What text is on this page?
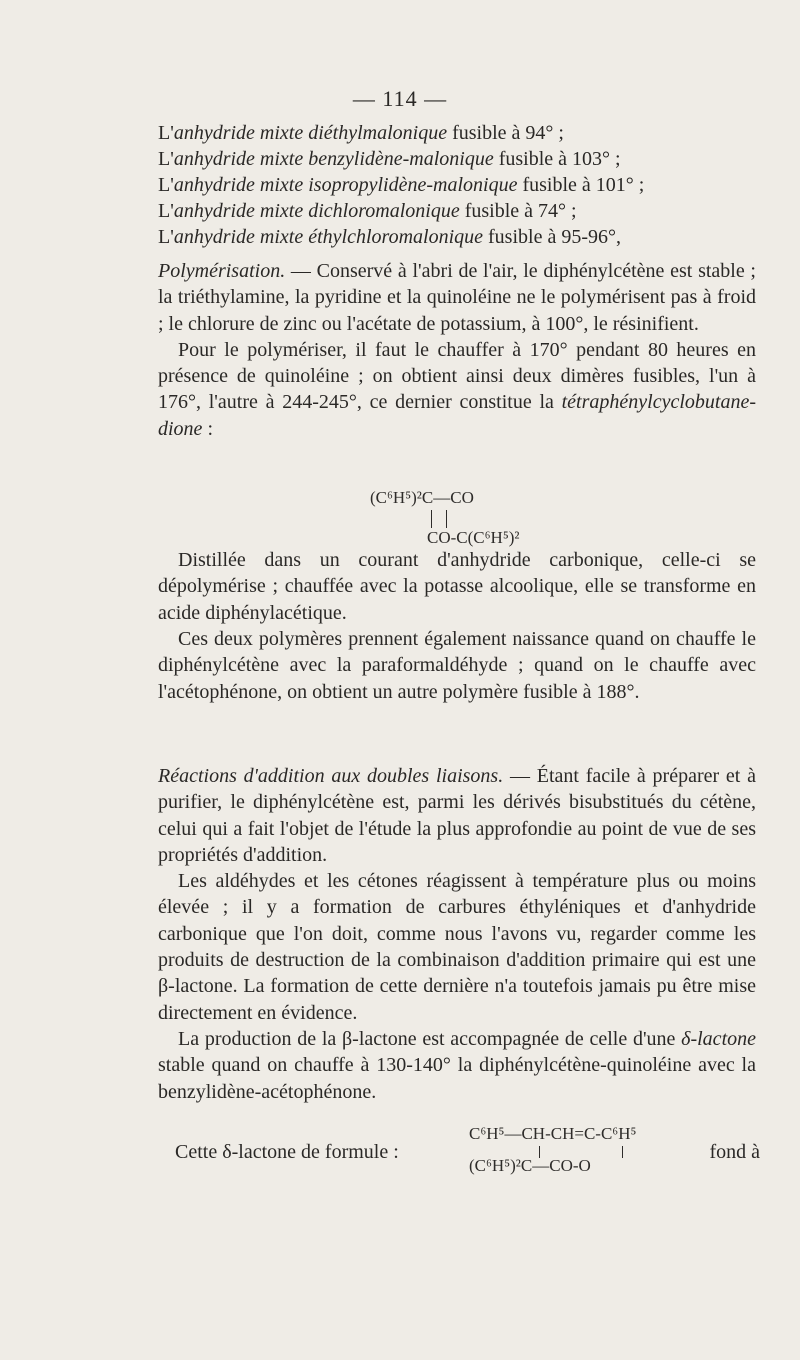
— 114 —
L'anhydride mixte diéthylmalonique fusible à 94° ;
L'anhydride mixte benzylidène-malonique fusible à 103° ;
L'anhydride mixte isopropylidène-malonique fusible à 101° ;
L'anhydride mixte dichloromalonique fusible à 74° ;
L'anhydride mixte éthylchloromalonique fusible à 95-96°,

Polymérisation. — Conservé à l'abri de l'air, le diphénylcétène est stable ; la triéthylamine, la pyridine et la quinoléine ne le polymérisent pas à froid ; le chlorure de zinc ou l'acétate de potassium, à 100°, le résinifient.

Pour le polymériser, il faut le chauffer à 170° pendant 80 heures en présence de quinoléine ; on obtient ainsi deux dimères fusibles, l'un à 176°, l'autre à 244-245°, ce dernier constitue la tétraphénylcyclobutane-dione :

Distillée dans un courant d'anhydride carbonique, celle-ci se dépolymérise ; chauffée avec la potasse alcoolique, elle se transforme en acide diphénylacétique.

Ces deux polymères prennent également naissance quand on chauffe le diphénylcétène avec la paraformaldéhyde ; quand on le chauffe avec l'acétophénone, on obtient un autre polymère fusible à 188°.

(C⁶H⁵)²C—CO
CO-C(C⁶H⁵)²

Réactions d'addition aux doubles liaisons. — Étant facile à préparer et à purifier, le diphénylcétène est, parmi les dérivés bisubstitués du cétène, celui qui a fait l'objet de l'étude la plus approfondie au point de vue de ses propriétés d'addition.

Les aldéhydes et les cétones réagissent à température plus ou moins élevée ; il y a formation de carbures éthyléniques et d'anhydride carbonique que l'on doit, comme nous l'avons vu, regarder comme les produits de destruction de la combinaison d'addition primaire qui est une β-lactone. La formation de cette dernière n'a toutefois jamais pu être mise directement en évidence.

La production de la β-lactone est accompagnée de celle d'une δ-lactone stable quand on chauffe à 130-140° la diphénylcétène-quinoléine avec la benzylidène-acétophénone.

Cette δ-lactone de formule :	fond à
C⁶H⁵—CH-CH=C-C⁶H⁵
(C⁶H⁵)²C—CO-O
